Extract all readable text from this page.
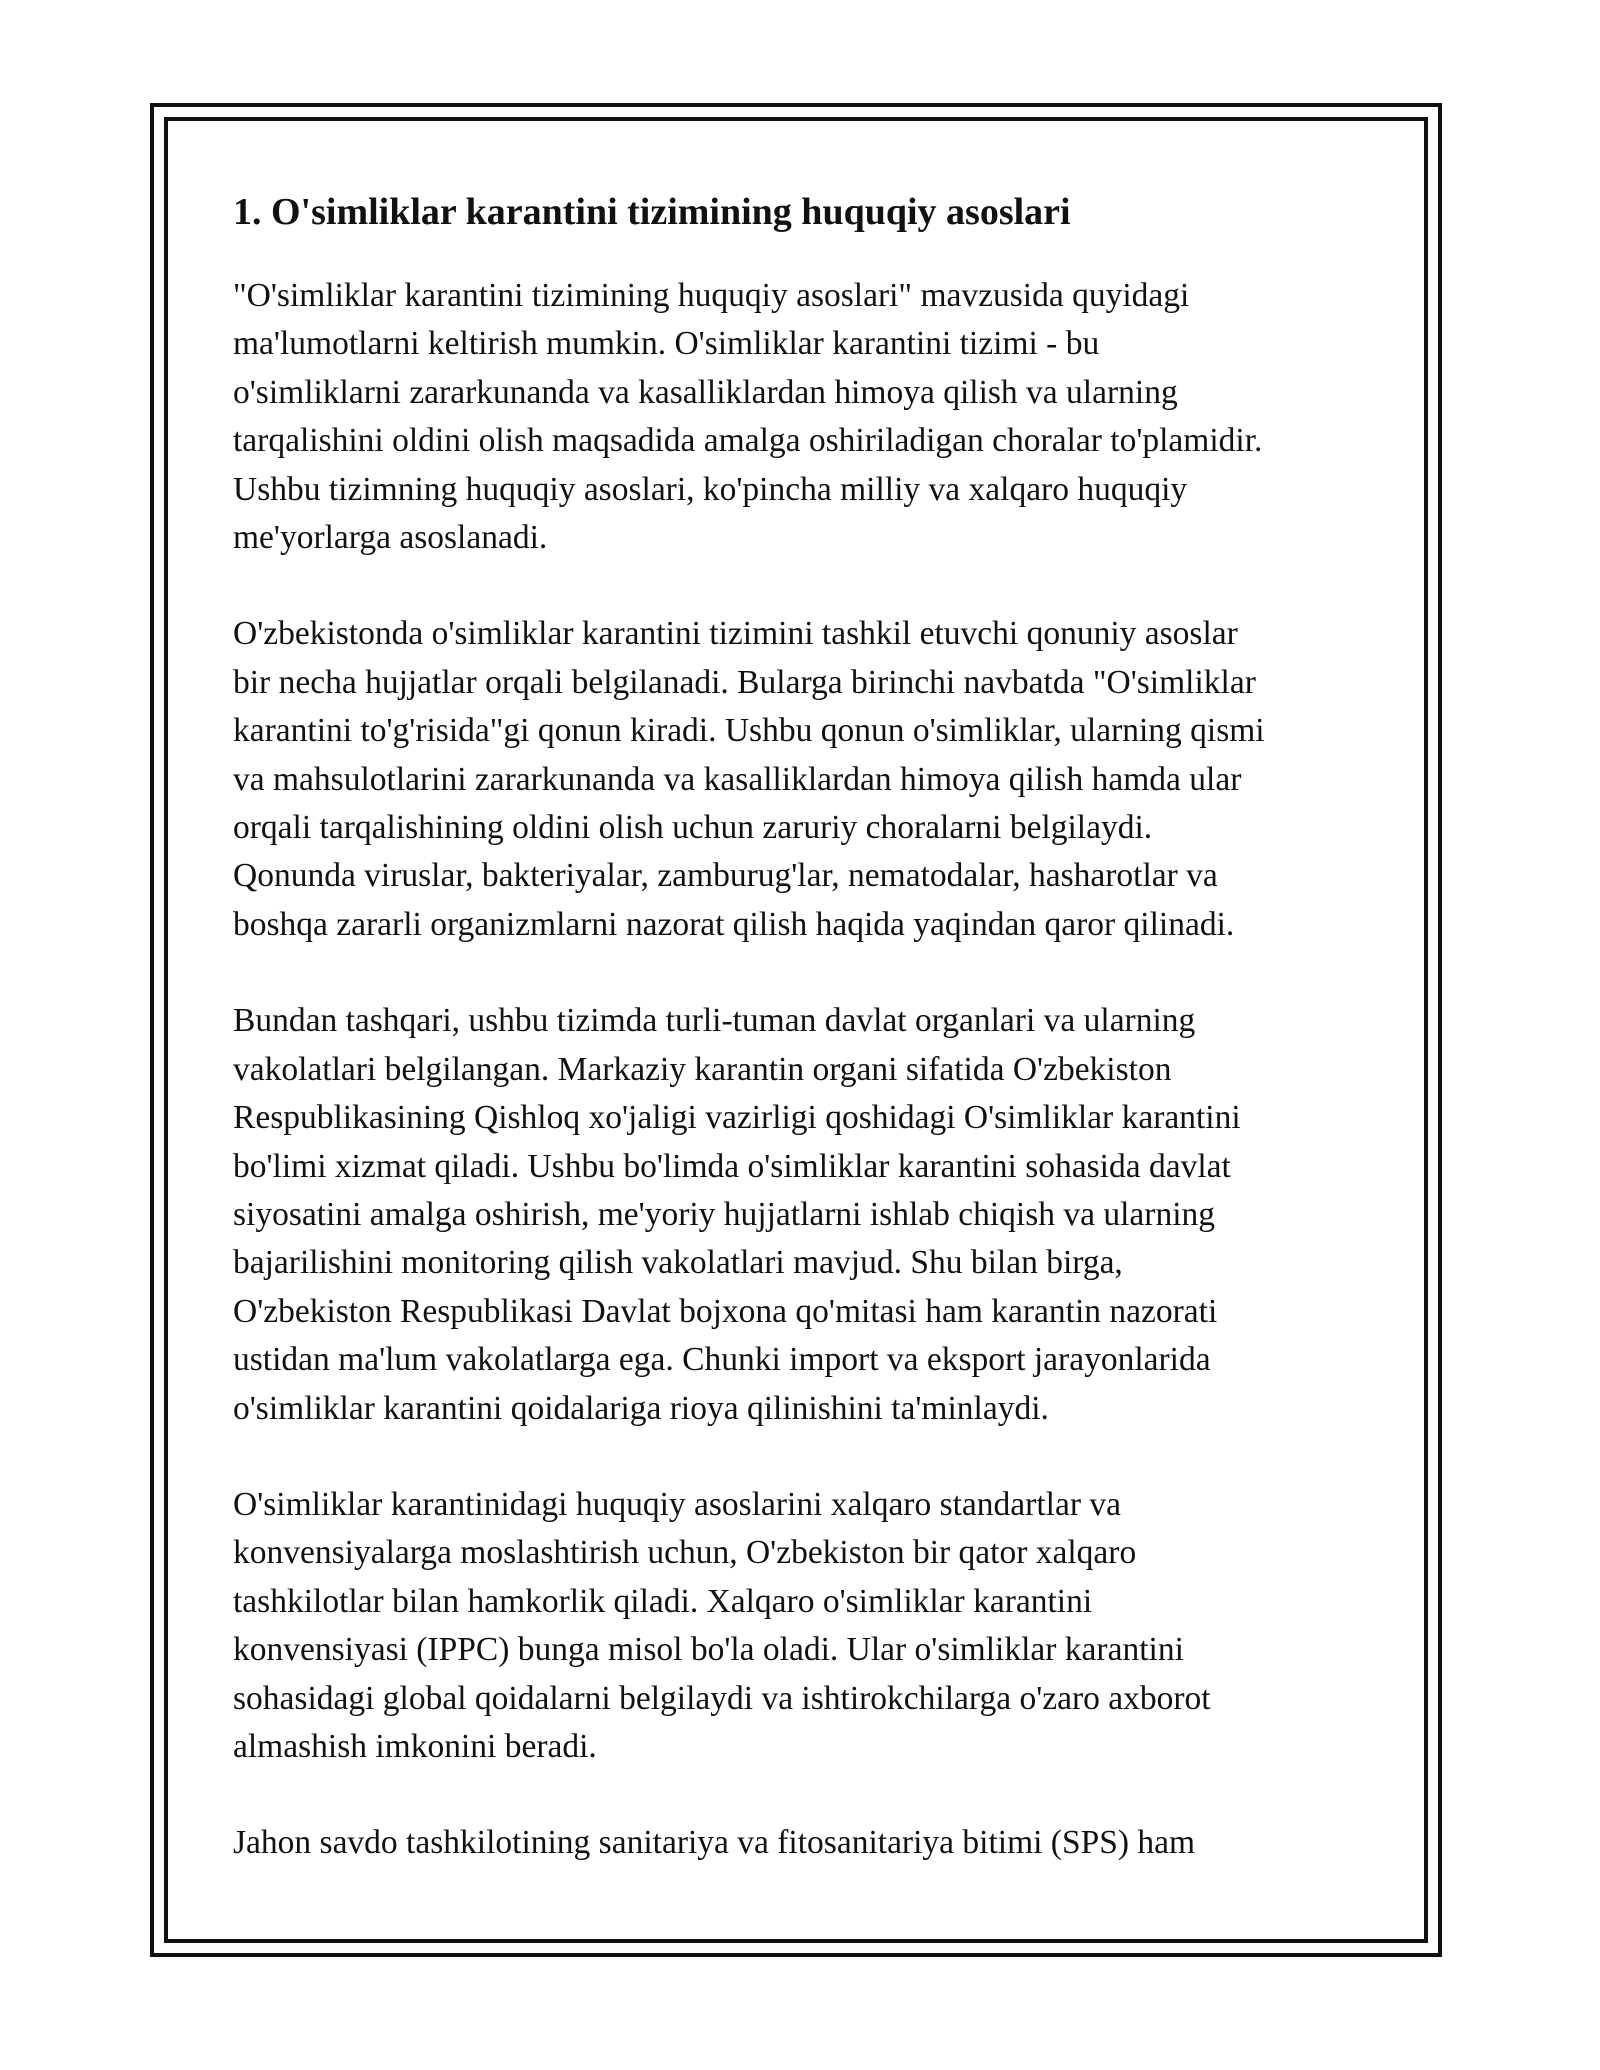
1. O'simliklar karantini tizimining huquqiy asoslari

"O'simliklar karantini tizimining huquqiy asoslari" mavzusida quyidagi
ma'lumotlarni keltirish mumkin. O'simliklar karantini tizimi - bu
o'simliklarni zararkunanda va kasalliklardan himoya qilish va ularning
tarqalishini oldini olish maqsadida amalga oshiriladigan choralar to'plamidir.
Ushbu tizimning huquqiy asoslari, ko'pincha milliy va xalqaro huquqiy
me'yorlarga asoslanadi.

O'zbekistonda o'simliklar karantini tizimini tashkil etuvchi qonuniy asoslar
bir necha hujjatlar orqali belgilanadi. Bularga birinchi navbatda "O'simliklar
karantini to'g'risida"gi qonun kiradi. Ushbu qonun o'simliklar, ularning qismi
va mahsulotlarini zararkunanda va kasalliklardan himoya qilish hamda ular
orqali tarqalishining oldini olish uchun zaruriy choralarni belgilaydi.
Qonunda viruslar, bakteriyalar, zamburug'lar, nematodalar, hasharotlar va
boshqa zararli organizmlarni nazorat qilish haqida yaqindan qaror qilinadi.

Bundan tashqari, ushbu tizimda turli-tuman davlat organlari va ularning
vakolatlari belgilangan. Markaziy karantin organi sifatida O'zbekiston
Respublikasining Qishloq xo'jaligi vazirligi qoshidagi O'simliklar karantini
bo'limi xizmat qiladi. Ushbu bo'limda o'simliklar karantini sohasida davlat
siyosatini amalga oshirish, me'yoriy hujjatlarni ishlab chiqish va ularning
bajarilishini monitoring qilish vakolatlari mavjud. Shu bilan birga,
O'zbekiston Respublikasi Davlat bojxona qo'mitasi ham karantin nazorati
ustidan ma'lum vakolatlarga ega. Chunki import va eksport jarayonlarida
o'simliklar karantini qoidalariga rioya qilinishini ta'minlaydi.

O'simliklar karantinidagi huquqiy asoslarini xalqaro standartlar va
konvensiyalarga moslashtirish uchun, O'zbekiston bir qator xalqaro
tashkilotlar bilan hamkorlik qiladi. Xalqaro o'simliklar karantini
konvensiyasi (IPPC) bunga misol bo'la oladi. Ular o'simliklar karantini
sohasidagi global qoidalarni belgilaydi va ishtirokchilarga o'zaro axborot
almashish imkonini beradi.

Jahon savdo tashkilotining sanitariya va fitosanitariya bitimi (SPS) ham
